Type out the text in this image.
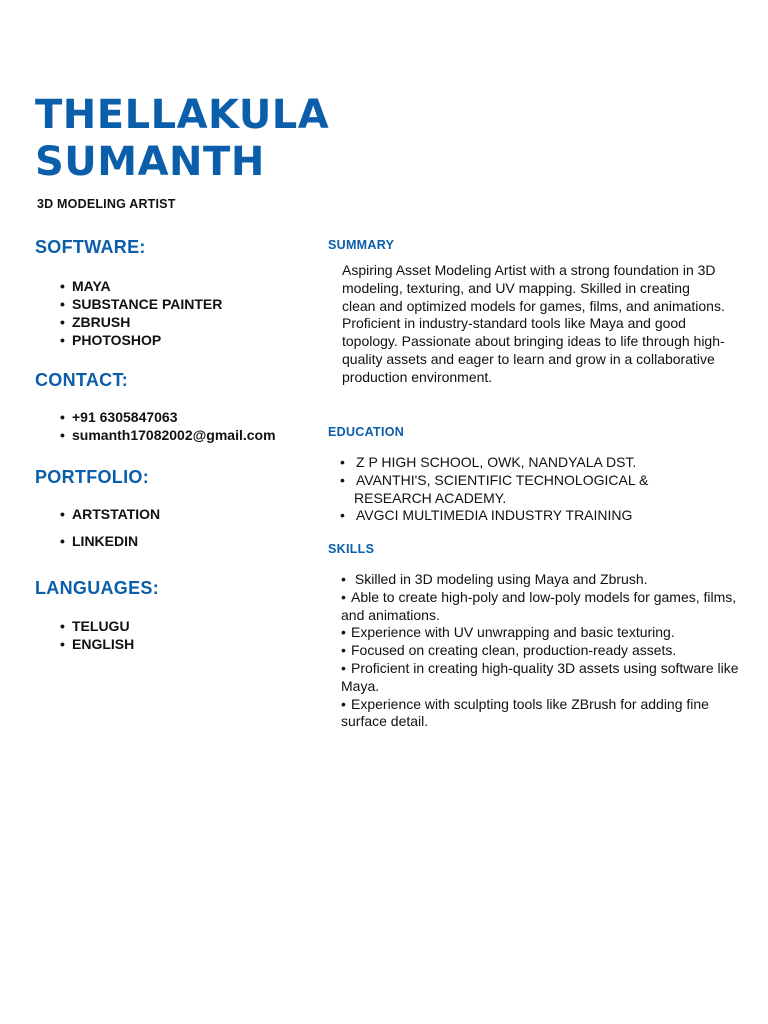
THELLAKULA
SUMANTH
3D MODELING ARTIST
SOFTWARE:
• MAYA
• SUBSTANCE PAINTER
• ZBRUSH
• PHOTOSHOP
CONTACT:
• +91 6305847063
• sumanth17082002@gmail.com
PORTFOLIO:
• ARTSTATION
• LINKEDIN
LANGUAGES:
• TELUGU
• ENGLISH
SUMMARY

Aspiring Asset Modeling Artist with a strong foundation in 3D modeling, texturing, and UV mapping. Skilled in creating clean and optimized models for games, films, and animations. Proficient in industry-standard tools like Maya and good topology. Passionate about bringing ideas to life through high-quality assets and eager to learn and grow in a collaborative production environment.

EDUCATION
• Z P HIGH SCHOOL, OWK, NANDYALA DST.
• AVANTHI'S, SCIENTIFIC TECHNOLOGICAL & RESEARCH ACADEMY.
• AVGCI MULTIMEDIA INDUSTRY TRAINING
SKILLS
• Skilled in 3D modeling using Maya and Zbrush.
• Able to create high-poly and low-poly models for games, films, and animations.
• Experience with UV unwrapping and basic texturing.
• Focused on creating clean, production-ready assets.
• Proficient in creating high-quality 3D assets using software like Maya.
• Experience with sculpting tools like ZBrush for adding fine surface detail.
